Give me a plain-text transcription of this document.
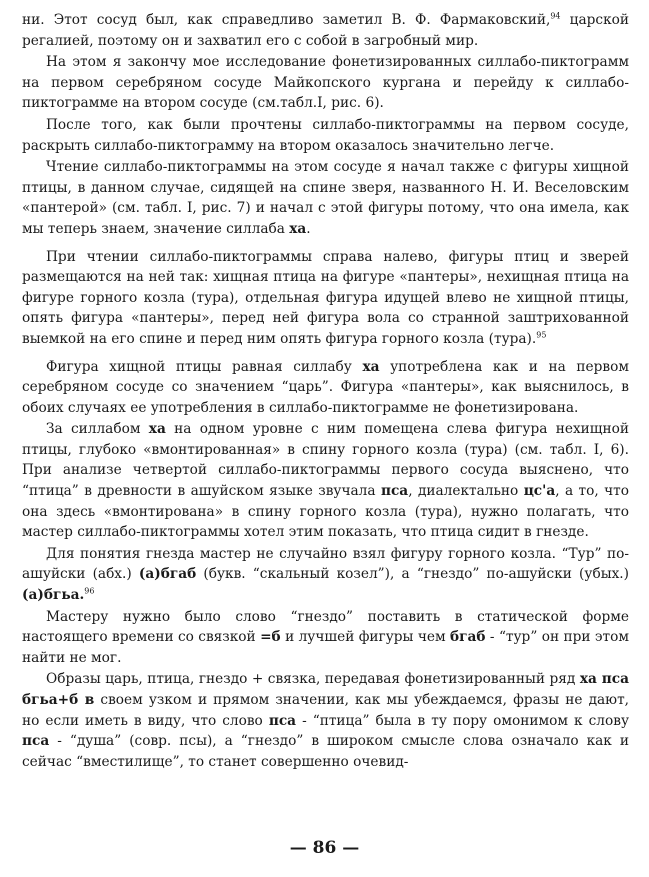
ни. Этот сосуд был, как справедливо заметил В. Ф. Фармаковский,$^{94}$ царской регалией, поэтому он и захватил его с собой в загробный мир.

На этом я закончу мое исследование фонетизированных силлабо-пиктограмм на первом серебряном сосуде Майкопского кургана и перейду к силлабо-пиктограмме на втором сосуде (см.табл.I, рис. 6).

После того, как были прочтены силлабо-пиктограммы на первом сосуде, раскрыть силлабо-пиктограмму на втором оказалось значительно легче.

Чтение силлабо-пиктограммы на этом сосуде я начал также с фигуры хищной птицы, в данном случае, сидящей на спине зверя, названного Н. И. Веселовским «пантерой» (см. табл. I, рис. 7) и начал с этой фигуры потому, что она имела, как мы теперь знаем, значение силлаба ха.

При чтении силлабо-пиктограммы справа налево, фигуры птиц и зверей размещаются на ней так: хищная птица на фигуре «пантеры», нехищная птица на фигуре горного козла (тура), отдельная фигура идущей влево не хищной птицы, опять фигура «пантеры», перед ней фигура вола со странной заштрихованной выемкой на его спине и перед ним опять фигура горного козла (тура).$^{95}$

Фигура хищной птицы равная силлабу ха употреблена как и на первом серебряном сосуде со значением “царь”. Фигура «пантеры», как выяснилось, в обоих случаях ее употребления в силлабо-пиктограмме не фонетизирована.

За силлабом ха на одном уровне с ним помещена слева фигура нехищной птицы, глубоко «вмонтированная» в спину горного козла (тура) (см. табл. I, 6). При анализе четвертой силлабо-пиктограммы первого сосуда выяснено, что “птица” в древности в ашуйском языке звучала пса, диалектально цс'а, а то, что она здесь «вмонтирована» в спину горного козла (тура), нужно полагать, что мастер силлабо-пиктограммы хотел этим показать, что птица сидит в гнезде.

Для понятия гнезда мастер не случайно взял фигуру горного козла. “Тур” по-ашуйски (абх.) (а)бгаб (букв. “скальный козел”), а “гнездо” по-ашуйски (убых.) (а)бгьа.$^{96}$

Мастеру нужно было слово “гнездо” поставить в статической форме настоящего времени со связкой =б и лучшей фигуры чем бгаб - “тур” он при этом найти не мог.

Образы царь, птица, гнездо + связка, передавая фонетизированный ряд ха пса бгьа+б в своем узком и прямом значении, как мы убеждаемся, фразы не дают, но если иметь в виду, что слово пса - “птица” была в ту пору омонимом к слову пса - “душа” (совр. псы), а “гнездо” в широком смысле слова означало как и сейчас “вместилище”, то станет совершенно очевид-

— 86 —
